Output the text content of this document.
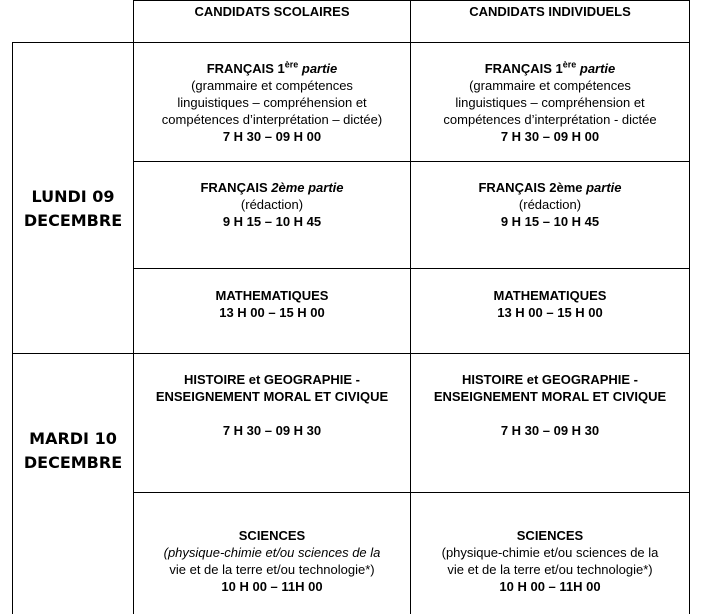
CANDIDATS SCOLAIRES	CANDIDATS INDIVIDUELS
LUNDI 09
DECEMBRE
MARDI 10
DECEMBRE
FRANÇAIS 1ère partie
(grammaire et compétences
linguistiques – compréhension et
compétences d’interprétation – dictée)
7 H 30 – 09 H 00
FRANÇAIS 1ère partie
(grammaire et compétences
linguistiques – compréhension et
compétences d’interprétation - dictée
7 H 30 – 09 H 00
FRANÇAIS 2ème partie
(rédaction)
9 H 15 – 10 H 45
FRANÇAIS 2ème partie
(rédaction)
9 H 15 – 10 H 45
MATHEMATIQUES
13 H 00 – 15 H 00
MATHEMATIQUES
13 H 00 – 15 H 00
HISTOIRE et GEOGRAPHIE -
ENSEIGNEMENT MORAL ET CIVIQUE
7 H 30 – 09 H 30
HISTOIRE et GEOGRAPHIE -
ENSEIGNEMENT MORAL ET CIVIQUE
7 H 30 – 09 H 30
SCIENCES
(physique-chimie et/ou sciences de la
vie et de la terre et/ou technologie*)
10 H 00 – 11H 00
SCIENCES
(physique-chimie et/ou sciences de la
vie et de la terre et/ou technologie*)
10 H 00 – 11H 00
